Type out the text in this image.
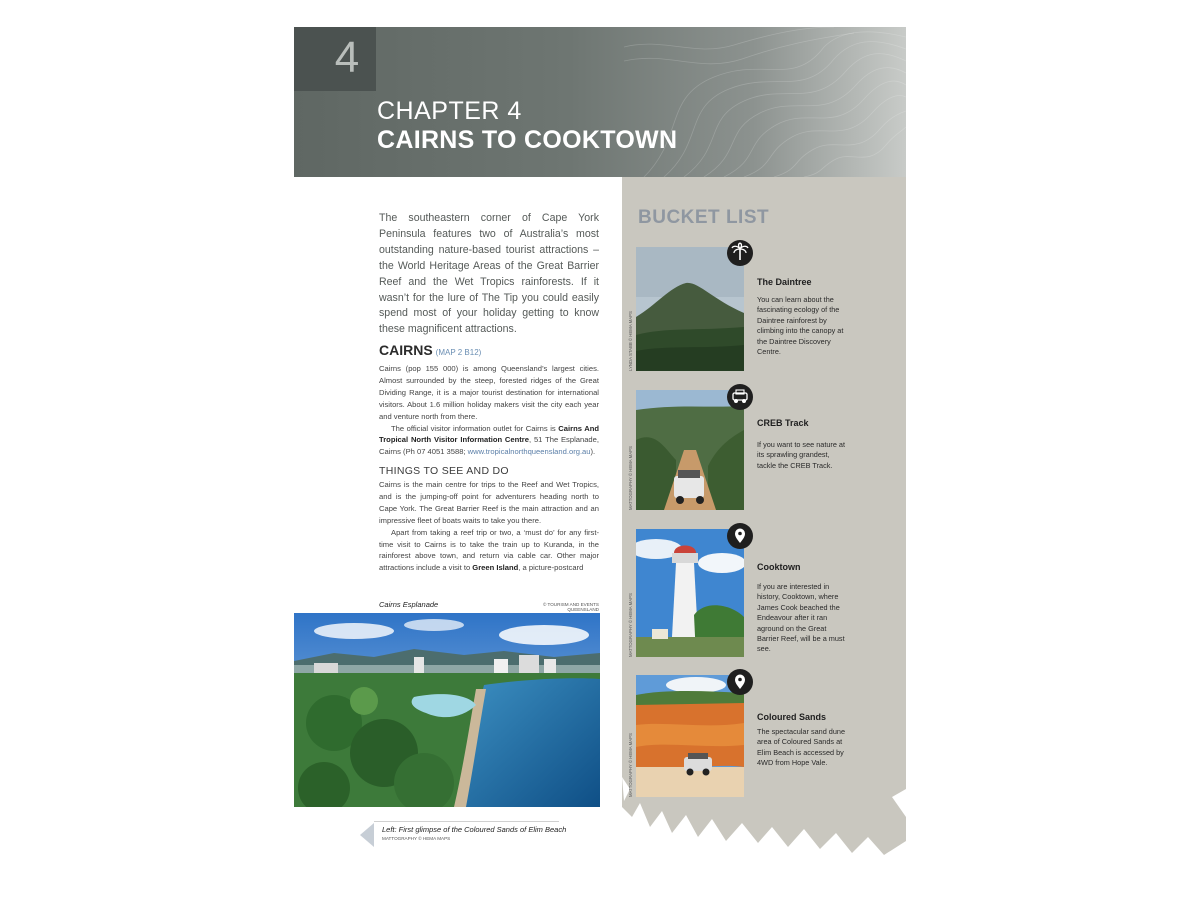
4
CHAPTER 4
CAIRNS TO COOKTOWN
The southeastern corner of Cape York Peninsula features two of Australia’s most outstanding nature-based tourist attractions – the World Heritage Areas of the Great Barrier Reef and the Wet Tropics rainforests. If it wasn’t for the lure of The Tip you could easily spend most of your holiday getting to know these magnificent attractions.
CAIRNS (MAP 2 B12)

Cairns (pop 155 000) is among Queensland’s largest cities. Almost surrounded by the steep, forested ridges of the Great Dividing Range, it is a major tourist destination for international visitors. About 1.6 million holiday makers visit the city each year and venture north from there.

The official visitor information outlet for Cairns is Cairns And Tropical North Visitor Information Centre, 51 The Esplanade, Cairns (Ph 07 4051 3588; www.tropicalnorthqueensland.org.au).

THINGS TO SEE AND DO

Cairns is the main centre for trips to the Reef and Wet Tropics, and is the jumping-off point for adventurers heading north to Cape York. The Great Barrier Reef is the main attraction and an impressive fleet of boats waits to take you there.

Apart from taking a reef trip or two, a ‘must do’ for any first-time visit to Cairns is to take the train up to Kuranda, in the rainforest above town, and return via cable car. Other major attractions include a visit to Green Island, a picture-postcard

Cairns Esplanade	© TOURISM AND EVENTS QUEENSLAND
Left: First glimpse of the Coloured Sands of Elim Beach
MATTOGRAPHY © HEMA MAPS
BUCKET LIST
The Daintree
You can learn about the fascinating ecology of the Daintree rainforest by climbing into the canopy at the Daintree Discovery Centre.
LYNDA STABB © HEMA MAPS
CREB Track
If you want to see nature at its sprawling grandest, tackle the CREB Track.
MATTOGRAPHY © HEMA MAPS
Cooktown
If you are interested in history, Cooktown, where James Cook beached the Endeavour after it ran aground on the Great Barrier Reef, will be a must see.
MATTOGRAPHY © HEMA MAPS
Coloured Sands
The spectacular sand dune area of Coloured Sands at Elim Beach is accessed by 4WD from Hope Vale.
MATTOGRAPHY © HEMA MAPS
